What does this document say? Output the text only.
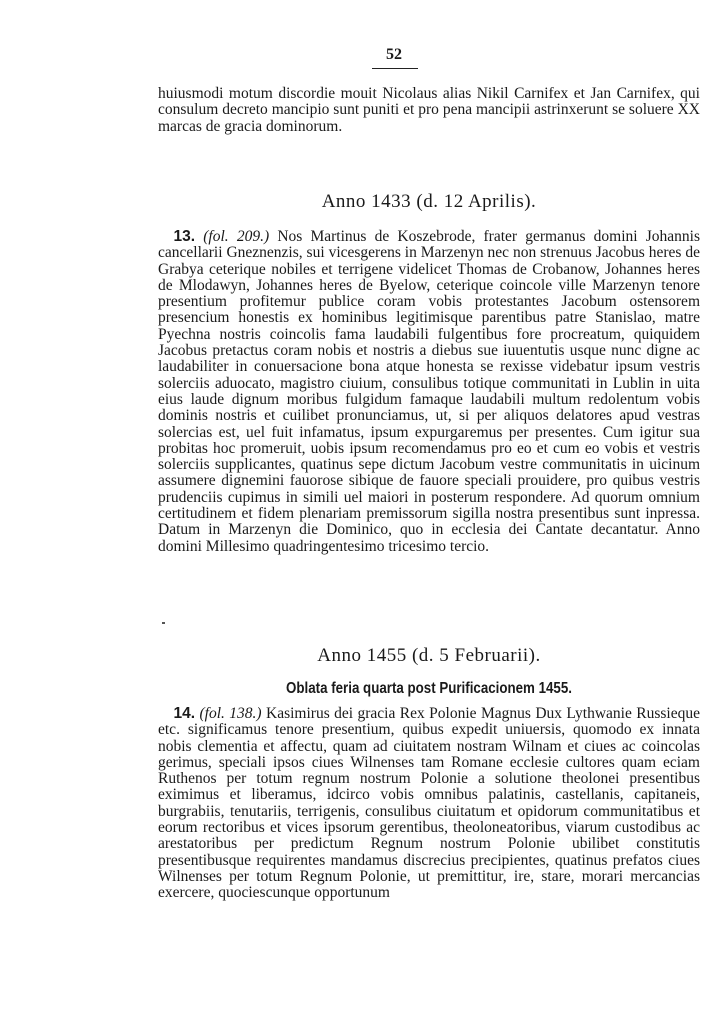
52

huiusmodi motum discordie mouit Nicolaus alias Nikil Carnifex et Jan Carnifex, qui consulum decreto mancipio sunt puniti et pro pena mancipii astrinxerunt se soluere XX marcas de gracia dominorum.

Anno 1433 (d. 12 Aprilis).

 13. (fol. 209.) Nos Martinus de Koszebrode, frater germanus domini Johannis cancellarii Gneznenzis, sui vicesgerens in Marzenyn nec non strenuus Jacobus heres de Grabya ceterique nobiles et terrigene videlicet Thomas de Crobanow, Johannes heres de Mlodawyn, Johannes heres de Byelow, ceterique coincole ville Marzenyn tenore presentium profitemur publice coram vobis protestantes Jacobum ostensorem presencium honestis ex hominibus legitimisque parentibus patre Stanislao, matre Pyechna nostris coincolis fama laudabili fulgentibus fore procreatum, quiquidem Jacobus pretactus coram nobis et nostris a diebus sue iuuentutis usque nunc digne ac laudabiliter in conuersacione bona atque honesta se rexisse videbatur ipsum vestris solerciis aduocato, magistro ciuium, consulibus totique communitati in Lublin in uita eius laude dignum moribus fulgidum famaque laudabili multum redolentum vobis dominis nostris et cuilibet pronunciamus, ut, si per aliquos delatores apud vestras solercias est, uel fuit infamatus, ipsum expurgaremus per presentes. Cum igitur sua probitas hoc promeruit, uobis ipsum recomendamus pro eo et cum eo vobis et vestris solerciis supplicantes, quatinus sepe dictum Jacobum vestre communitatis in uicinum assumere dignemini fauorose sibique de fauore speciali prouidere, pro quibus vestris prudenciis cupimus in simili uel maiori in posterum respondere. Ad quorum omnium certitudinem et fidem plenariam premissorum sigilla nostra presentibus sunt inpressa. Datum in Marzenyn die Dominico, quo in ecclesia dei Cantate decantatur. Anno domini Millesimo quadringentesimo tricesimo tercio.

Anno 1455 (d. 5 Februarii).
Oblata feria quarta post Purificacionem 1455.

 14. (fol. 138.) Kasimirus dei gracia Rex Polonie Magnus Dux Lythwanie Russieque etc. significamus tenore presentium, quibus expedit uniuersis, quomodo ex innata nobis clementia et affectu, quam ad ciuitatem nostram Wilnam et ciues ac coincolas gerimus, speciali ipsos ciues Wilnenses tam Romane ecclesie cultores quam eciam Ruthenos per totum regnum nostrum Polonie a solutione theolonei presentibus eximimus et liberamus, idcirco vobis omnibus palatinis, castellanis, capitaneis, burgrabiis, tenutariis, terrigenis, consulibus ciuitatum et opidorum communitatibus et eorum rectoribus et vices ipsorum gerentibus, theoloneatoribus, viarum custodibus ac arestatoribus per predictum Regnum nostrum Polonie ubilibet constitutis presentibusque requirentes mandamus discrecius precipientes, quatinus prefatos ciues Wilnenses per totum Regnum Polonie, ut premittitur, ire, stare, morari mercancias exercere, quociescunque opportunum
